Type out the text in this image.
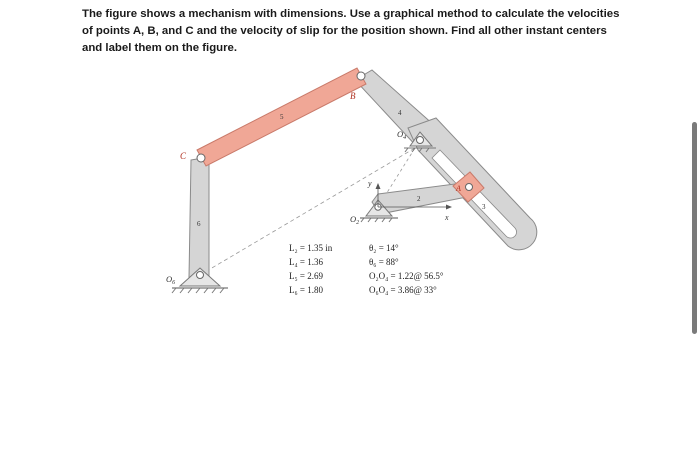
The figure shows a mechanism with dimensions. Use a graphical method to calculate the velocities of points A, B, and C and the velocity of slip for the position shown. Find all other instant centers and label them on the figure.
B
C
A
$O_4$
$O_2$
$O_6$
5
6
4
2
3
y
x
L₂ = 1.35 in
L₄ = 1.36
L₅ = 2.69
L₆ = 1.80
θ₂ = 14°
θ₆ = 88°
O₂O₄ = 1.22@ 56.5°
O₆O₄ = 3.86@ 33°
